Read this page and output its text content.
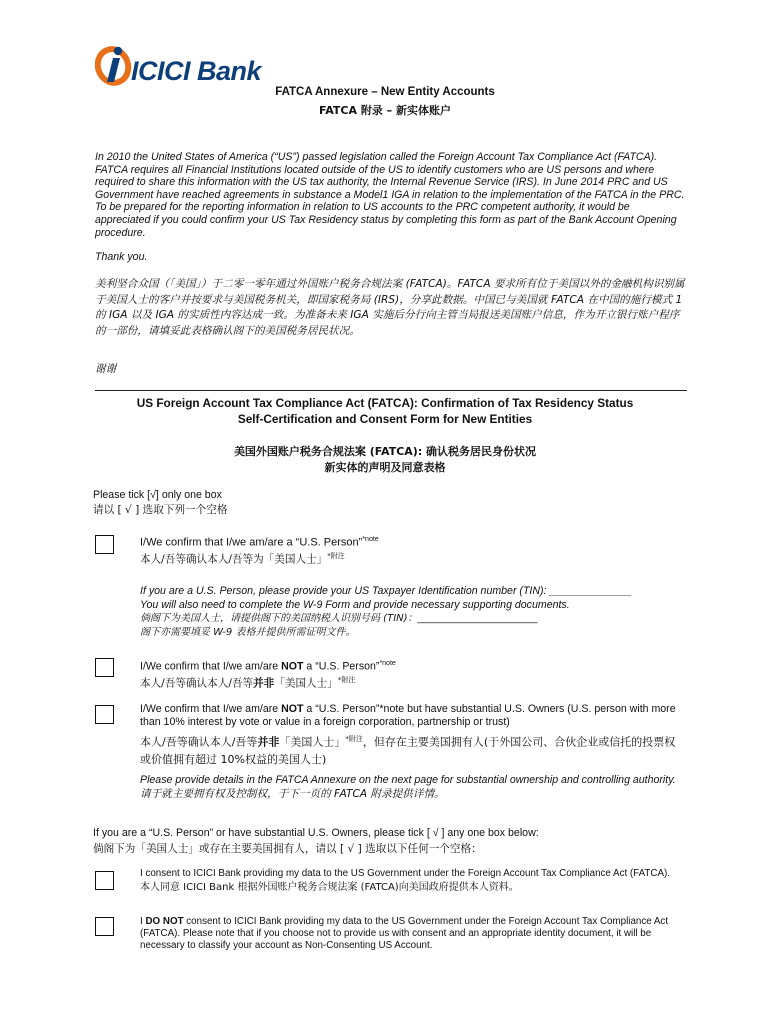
ICICI Bank
FATCA Annexure – New Entity Accounts
FATCA 附录 – 新实体账户
In 2010 the United States of America (“US”) passed legislation called the Foreign Account Tax Compliance Act (FATCA). FATCA requires all Financial Institutions located outside of the US to identify customers who are US persons and where required to share this information with the US tax authority, the Internal Revenue Service (IRS). In June 2014 PRC and US Government have reached agreements in substance a Model1 IGA in relation to the implementation of the FATCA in the PRC. To be prepared for the reporting information in relation to US accounts to the PRC competent authority, it would be appreciated if you could confirm your US Tax Residency status by completing this form as part of the Bank Account Opening procedure.
Thank you.
美利坚合众国（「美国」）于二零一零年通过外国账户税务合规法案 (FATCA)。FATCA 要求所有位于美国以外的金融机构识别属于美国人士的客户并按要求与美国税务机关，即国家税务局 (IRS)，分享此数据。中国已与美国就 FATCA 在中国的施行模式 1 的 IGA 以及 IGA 的实质性内容达成一致。为准备未来 IGA 实施后分行向主管当局报送美国账户信息，作为开立银行账户程序的一部份，请填妥此表格确认阁下的美国税务居民状况。
谢谢
US Foreign Account Tax Compliance Act (FATCA): Confirmation of Tax Residency Status
Self-Certification and Consent Form for New Entities
美国外国账户税务合规法案 (FATCA): 确认税务居民身份状况
新实体的声明及同意表格
Please tick [√] only one box
请以 [ √ ] 选取下列一个空格
I/We confirm that I/we am/are a “U.S. Person”$^{*note}$
本人/吾等确认本人/吾等为「美国人士」$^{*附注}$
If you are a U.S. Person, please provide your US Taxpayer Identification number (TIN): ______________
You will also need to complete the W-9 Form and provide necessary supporting documents.
倘阁下为美国人士，请提供阁下的美国纳税人识别号码 (TIN)：________________________
阁下亦需要填妥 W-9 表格并提供所需证明文件。
I/We confirm that I/we am/are NOT a “U.S. Person”$^{*note}$
本人/吾等确认本人/吾等并非「美国人士」$^{*附注}$
I/We confirm that I/we am/are NOT a “U.S. Person”*note but have substantial U.S. Owners (U.S. person with more than 10% interest by vote or value in a foreign corporation, partnership or trust)
本人/吾等确认本人/吾等并非「美国人士」$^{*附注}$，但存在主要美国拥有人(于外国公司、合伙企业或信托的投票权或价值拥有超过 10%权益的美国人士)
Please provide details in the FATCA Annexure on the next page for substantial ownership and controlling authority.
请于就主要拥有权及控制权，于下一页的 FATCA 附录提供详情。
If you are a “U.S. Person” or have substantial U.S. Owners, please tick [ √ ] any one box below:
倘阁下为「美国人士」或存在主要美国拥有人，请以 [ √ ] 选取以下任何一个空格：
I consent to ICICI Bank providing my data to the US Government under the Foreign Account Tax Compliance Act (FATCA).
本人同意 ICICI Bank 根据外国账户税务合规法案 (FATCA)向美国政府提供本人资料。
I DO NOT consent to ICICI Bank providing my data to the US Government under the Foreign Account Tax Compliance Act (FATCA). Please note that if you choose not to provide us with consent and an appropriate identity document, it will be necessary to classify your account as Non-Consenting US Account.
